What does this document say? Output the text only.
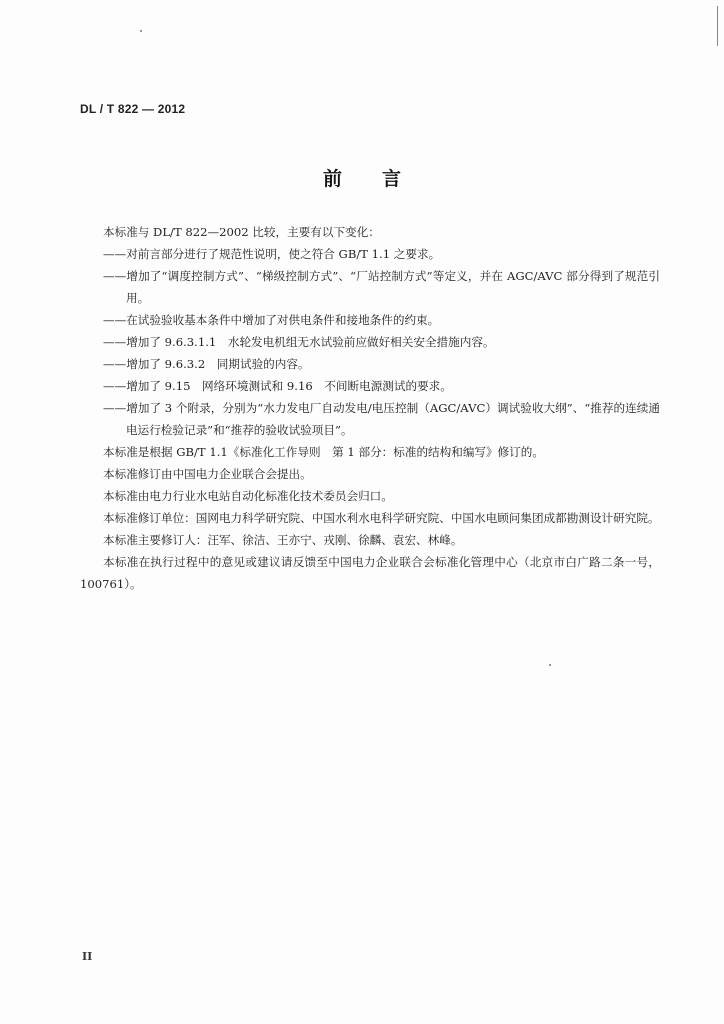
DL / T 822 — 2012
前言

本标准与 DL/T 822—2002 比较，主要有以下变化：

——对前言部分进行了规范性说明，使之符合 GB/T 1.1 之要求。

——增加了“调度控制方式”、“梯级控制方式”、“厂站控制方式”等定义，并在 AGC/AVC 部分得到了规范引用。

——在试验验收基本条件中增加了对供电条件和接地条件的约束。

——增加了 9.6.3.1.1　水轮发电机组无水试验前应做好相关安全措施内容。

——增加了 9.6.3.2　同期试验的内容。

——增加了 9.15　网络环境测试和 9.16　不间断电源测试的要求。

——增加了 3 个附录，分别为“水力发电厂自动发电/电压控制（AGC/AVC）调试验收大纲”、“推荐的连续通电运行检验记录”和“推荐的验收试验项目”。

本标准是根据 GB/T 1.1《标准化工作导则　第 1 部分：标准的结构和编写》修订的。

本标准修订由中国电力企业联合会提出。

本标准由电力行业水电站自动化标准化技术委员会归口。

本标准修订单位：国网电力科学研究院、中国水利水电科学研究院、中国水电顾问集团成都勘测设计研究院。

本标准主要修订人：汪军、徐洁、王亦宁、戎刚、徐麟、袁宏、林峰。

本标准在执行过程中的意见或建议请反馈至中国电力企业联合会标准化管理中心（北京市白广路二条一号，100761）。

II
